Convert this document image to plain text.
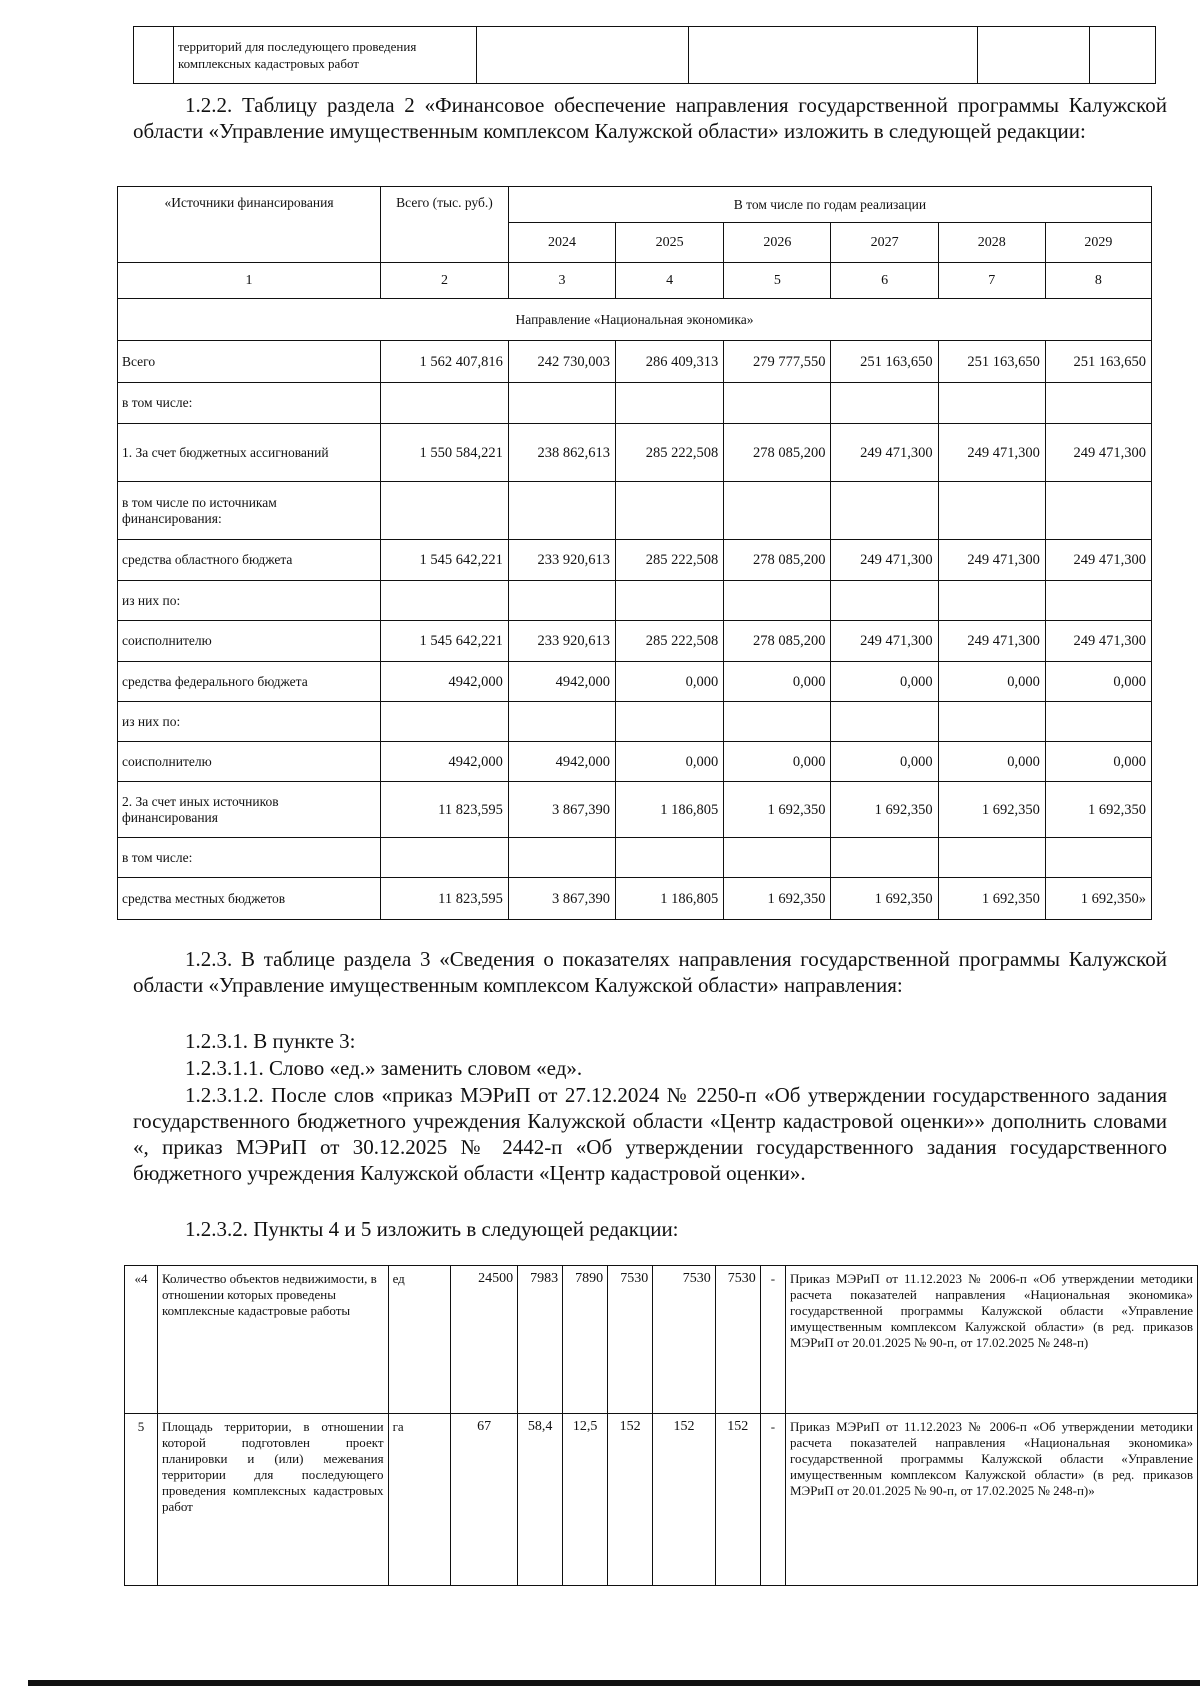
	территорий для последующего проведения комплексных кадастровых работ				

1.2.2. Таблицу раздела 2 «Финансовое обеспечение направления государственной программы Калужской области «Управление имущественным комплексом Калужской области» изложить в следующей редакции:

«Источники финансирования	Всего (тыс. руб.)	В том числе по годам реализации					
		2024	2025	2026	2027	2028	2029
1	2	3	4	5	6	7	8
Направление «Национальная экономика»							
Всего	1 562 407,816	242 730,003	286 409,313	279 777,550	251 163,650	251 163,650	251 163,650
в том числе:							
1. За счет бюджетных ассигнований	1 550 584,221	238 862,613	285 222,508	278 085,200	249 471,300	249 471,300	249 471,300
в том числе по источникам финансирования:							
средства областного бюджета	1 545 642,221	233 920,613	285 222,508	278 085,200	249 471,300	249 471,300	249 471,300
из них по:							
соисполнителю	1 545 642,221	233 920,613	285 222,508	278 085,200	249 471,300	249 471,300	249 471,300
средства федерального бюджета	4942,000	4942,000	0,000	0,000	0,000	0,000	0,000
из них по:							
соисполнителю	4942,000	4942,000	0,000	0,000	0,000	0,000	0,000
2. За счет иных источников финансирования	11 823,595	3 867,390	1 186,805	1 692,350	1 692,350	1 692,350	1 692,350
в том числе:							
средства местных бюджетов	11 823,595	3 867,390	1 186,805	1 692,350	1 692,350	1 692,350	1 692,350»

1.2.3. В таблице раздела 3 «Сведения о показателях направления государственной программы Калужской области «Управление имущественным комплексом Калужской области» направления:

1.2.3.1. В пункте 3:

1.2.3.1.1. Слово «ед.» заменить словом «ед».

1.2.3.1.2. После слов «приказ МЭРиП от 27.12.2024 № 2250-п «Об утверждении государственного задания государственного бюджетного учреждения Калужской области «Центр кадастровой оценки»» дополнить словами «, приказ МЭРиП от 30.12.2025 № 2442-п «Об утверждении государственного задания государственного бюджетного учреждения Калужской области «Центр кадастровой оценки».

1.2.3.2. Пункты 4 и 5 изложить в следующей редакции:

«4	Количество объектов недвижимости, в отношении которых проведены комплексные кадастровые работы	ед	24500	7983	7890	7530	7530	7530	-	Приказ МЭРиП от 11.12.2023 № 2006-п «Об утверждении методики расчета показателей направления «Национальная экономика» государственной программы Калужской области «Управление имущественным комплексом Калужской области» (в ред. приказов МЭРиП от 20.01.2025 № 90-п, от 17.02.2025 № 248-п)
5	Площадь территории, в отношении которой подготовлен проект планировки и (или) межевания территории для последующего проведения комплексных кадастровых работ	га	67	58,4	12,5	152	152	152	-	Приказ МЭРиП от 11.12.2023 № 2006-п «Об утверждении методики расчета показателей направления «Национальная экономика» государственной программы Калужской области «Управление имущественным комплексом Калужской области» (в ред. приказов МЭРиП от 20.01.2025 № 90-п, от 17.02.2025 № 248-п)»
